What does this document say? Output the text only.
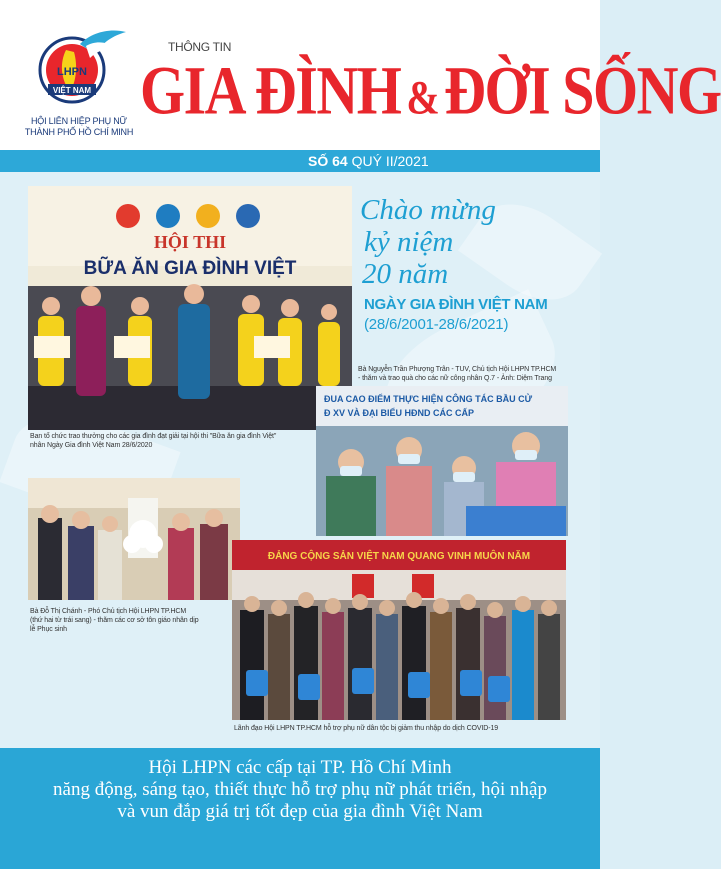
LHPN
VIỆT NAM
HỘI LIÊN HIỆP PHỤ NỮ
THÀNH PHỐ HỒ CHÍ MINH
THÔNG TIN
GIA ĐÌNH & ĐỜI SỐNG
SỐ 64 QUÝ II/2021
HỘI THI
BỮA ĂN GIA ĐÌNH VIỆT
Ban tổ chức trao thưởng cho các gia đình đạt giải tại hội thi "Bữa ăn gia đình Việt"
nhân Ngày Gia đình Việt Nam 28/6/2020
Chào mừng
kỷ niệm
20 năm
NGÀY GIA ĐÌNH VIỆT NAM
(28/6/2001-28/6/2021)
Bà Nguyễn Trần Phượng Trân - TUV, Chủ tịch Hội LHPN TP.HCM
- thăm và trao quà cho các nữ công nhân Q.7 - Ảnh: Diệm Trang
ĐUA CAO ĐIỂM THỰC HIỆN CÔNG TÁC BẦU CỬ
Đ XV VÀ ĐẠI BIỂU HĐND CÁC CẤP
Bà Đỗ Thị Chánh - Phó Chủ tịch Hội LHPN TP.HCM
(thứ hai từ trái sang) - thăm các cơ sở tôn giáo nhân dịp
lễ Phục sinh
ĐẢNG CỘNG SẢN VIỆT NAM QUANG VINH MUÔN NĂM
Lãnh đạo Hội LHPN TP.HCM hỗ trợ phụ nữ dân tộc bị giảm thu nhập do dịch COVID-19
Hội LHPN các cấp tại TP. Hồ Chí Minh
năng động, sáng tạo, thiết thực hỗ trợ phụ nữ phát triển, hội nhập
và vun đắp giá trị tốt đẹp của gia đình Việt Nam
